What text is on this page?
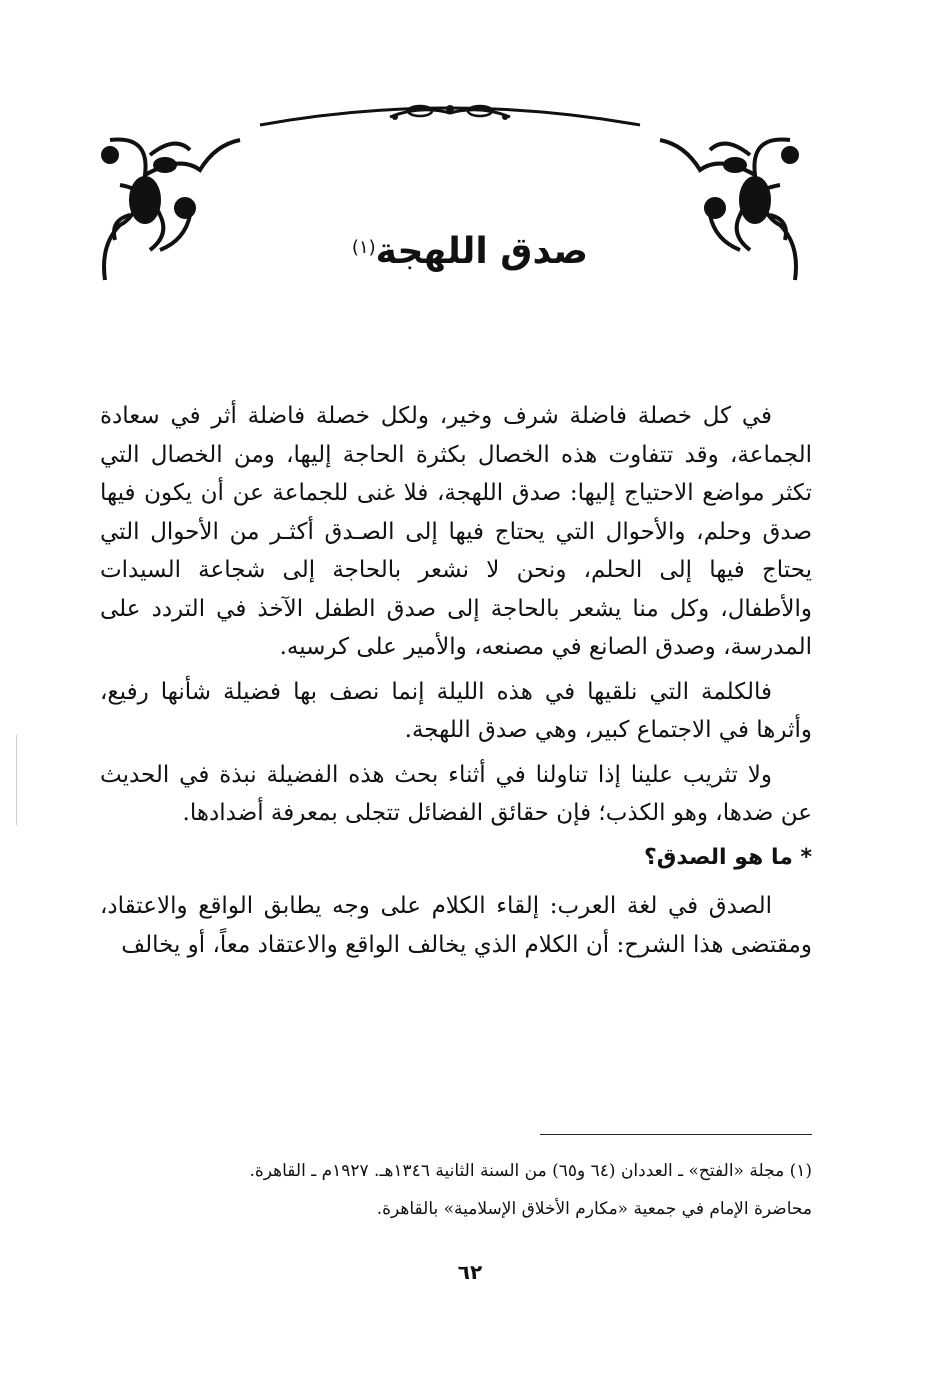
صدق اللهجة$^{(١)}$

في كل خصلة فاضلة شرف وخير، ولكل خصلة فاضلة أثر في سعادة الجماعة، وقد تتفاوت هذه الخصال بكثرة الحاجة إليها، ومن الخصال التي تكثر مواضع الاحتياج إليها: صدق اللهجة، فلا غنى للجماعة عن أن يكون فيها صدق وحلم، والأحوال التي يحتاج فيها إلى الصـدق أكثـر من الأحوال التي يحتاج فيها إلى الحلم، ونحن لا نشعر بالحاجة إلى شجاعة السيدات والأطفال، وكل منا يشعر بالحاجة إلى صدق الطفل الآخذ في التردد على المدرسة، وصدق الصانع في مصنعه، والأمير على كرسيه.

فالكلمة التي نلقيها في هذه الليلة إنما نصف بها فضيلة شأنها رفيع، وأثرها في الاجتماع كبير، وهي صدق اللهجة.

ولا تثريب علينا إذا تناولنا في أثناء بحث هذه الفضيلة نبذة في الحديث عن ضدها، وهو الكذب؛ فإن حقائق الفضائل تتجلى بمعرفة أضدادها.

* ما هو الصدق؟

الصدق في لغة العرب: إلقاء الكلام على وجه يطابق الواقع والاعتقاد، ومقتضى هذا الشرح: أن الكلام الذي يخالف الواقع والاعتقاد معاً، أو يخالف

(١) مجلة «الفتح» ـ العددان (٦٤ و٦٥) من السنة الثانية ١٣٤٦هـ. ١٩٢٧م ـ القاهرة.
محاضرة الإمام في جمعية «مكارم الأخلاق الإسلامية» بالقاهرة.
٦٢
